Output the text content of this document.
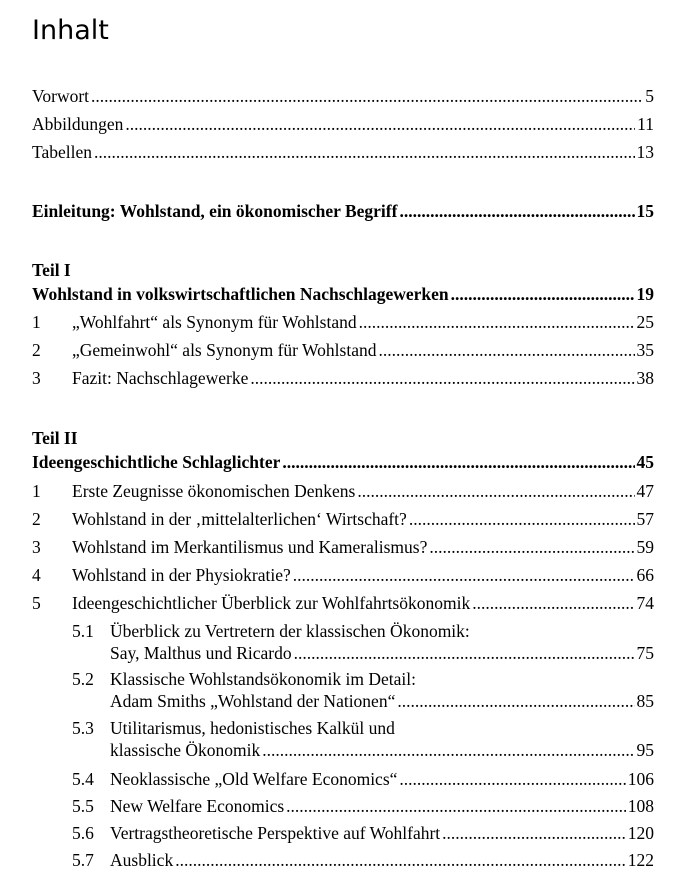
Inhalt
Vorwort .....	5
Abbildungen .....	11
Tabellen .....	13
Einleitung: Wohlstand, ein ökonomischer Begriff .....	15
Teil I
Wohlstand in volkswirtschaftlichen Nachschlagewerken .....	19
1 „Wohlfahrt“ als Synonym für Wohlstand .....	25
2 „Gemeinwohl“ als Synonym für Wohlstand .....	35
3 Fazit: Nachschlagewerke .....	38
Teil II
Ideengeschichtliche Schlaglichter .....	45
1 Erste Zeugnisse ökonomischen Denkens .....	47
2 Wohlstand in der ‚mittelalterlichen‘ Wirtschaft? .....	57
3 Wohlstand im Merkantilismus und Kameralismus? .....	59
4 Wohlstand in der Physiokratie? .....	66
5 Ideengeschichtlicher Überblick zur Wohlfahrtsökonomik .....	74
5.1 Überblick zu Vertretern der klassischen Ökonomik:
Say, Malthus und Ricardo .....	75
5.2 Klassische Wohlstandsökonomik im Detail:
Adam Smiths „Wohlstand der Nationen“ .....	85
5.3 Utilitarismus, hedonistisches Kalkül und
klassische Ökonomik .....	95
5.4 Neoklassische „Old Welfare Economics“ .....	106
5.5 New Welfare Economics .....	108
5.6 Vertragstheoretische Perspektive auf Wohlfahrt .....	120
5.7 Ausblick .....	122
